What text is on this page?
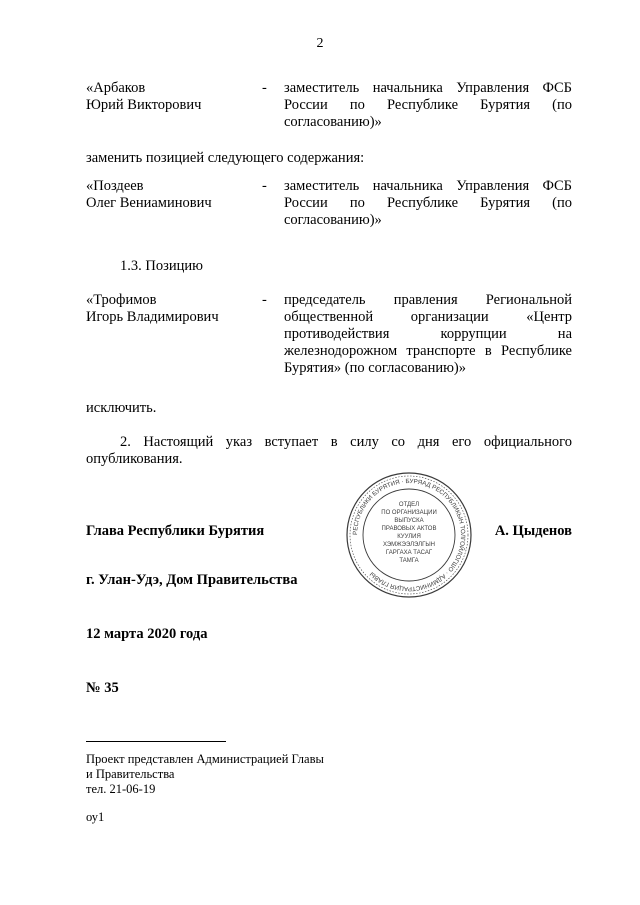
2
«Арбаков
Юрий Викторович
-	заместитель начальника Управления ФСБ России по Республике Бурятия (по согласованию)»
заменить позицией следующего содержания:
«Поздеев
Олег Вениаминович
-	заместитель начальника Управления ФСБ России по Республике Бурятия (по согласованию)»
1.3. Позицию
«Трофимов
Игорь Владимирович
-	председатель правления Региональной общественной организации «Центр противодействия коррупции на железнодорожном транспорте в Республике Бурятия» (по согласованию)»
исключить.
2. Настоящий указ вступает в силу со дня его официального опубликования.
РЕСПУБЛИКИ БУРЯТИЯ · БУРЯАД РЕСПУБЛИКЫН ТОЛГОЙЛОГШО · АДМИНИСТРАЦИЯ ГЛАВЫ
ОТДЕЛ
ПО ОРГАНИЗАЦИИ
ВЫПУСКА
ПРАВОВЫХ АКТОВ
КУУЛИЯ
ХЭМЖЭЭЛЭЛГЫН
ГАРГАХА ТАСАГ
ТАМГА
Глава Республики Бурятия	А. Цыденов
г. Улан-Удэ, Дом Правительства
12 марта 2020 года
№ 35
Проект представлен Администрацией Главы
и Правительства
тел. 21-06-19
оу1
